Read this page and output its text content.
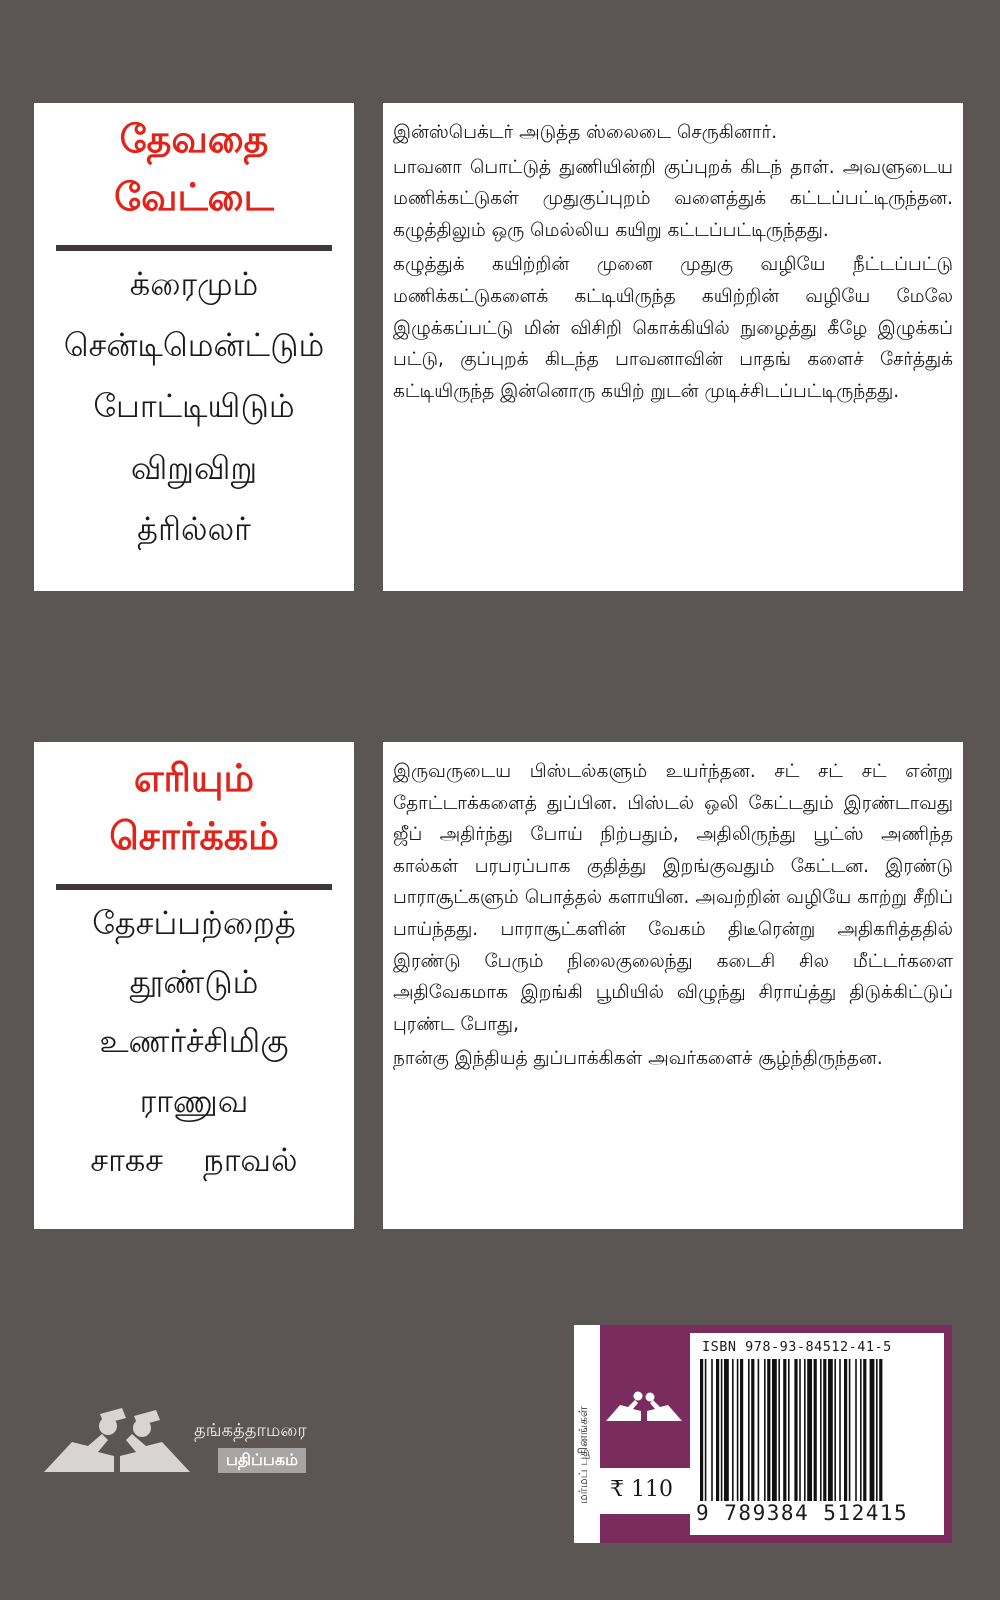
தேவதை
வேட்டை
க்ரைமும்
சென்டிமென்ட்டும்
போட்டியிடும்
விறுவிறு
த்ரில்லர்

இன்ஸ்பெக்டர் அடுத்த ஸ்லைடை செருகினார்.

பாவனா பொட்டுத் துணியின்றி குப்புறக் கிடந் தாள். அவளுடைய மணிக்கட்டுகள் முதுகுப்புறம் வளைத்துக் கட்டப்பட்டிருந்தன. கழுத்திலும் ஒரு மெல்லிய கயிறு கட்டப்பட்டிருந்தது.

கழுத்துக் கயிற்றின் முனை முதுகு வழியே நீட்டப்பட்டு மணிக்கட்டுகளைக் கட்டியிருந்த கயிற்றின் வழியே மேலே இழுக்கப்பட்டு மின் விசிறி கொக்கியில் நுழைத்து கீழே இழுக்கப் பட்டு, குப்புறக் கிடந்த பாவனாவின் பாதங் களைச் சேர்த்துக் கட்டியிருந்த இன்னொரு கயிற் றுடன் முடிச்சிடப்பட்டிருந்தது.

எரியும்
சொர்க்கம்
தேசப்பற்றைத்
தூண்டும்
உணர்ச்சிமிகு
ராணுவ
சாகச நாவல்

இருவருடைய பிஸ்டல்களும் உயர்ந்தன. சட் சட் சட் என்று தோட்டாக்களைத் துப்பின. பிஸ்டல் ஒலி கேட்டதும் இரண்டாவது ஜீப் அதிர்ந்து போய் நிற்பதும், அதிலிருந்து பூட்ஸ் அணிந்த கால்கள் பரபரப்பாக குதித்து இறங்குவதும் கேட்டன. இரண்டு பாராசூட்களும் பொத்தல் களாயின. அவற்றின் வழியே காற்று சீறிப் பாய்ந்தது. பாராசூட்களின் வேகம் திடீரென்று அதிகரித்ததில் இரண்டு பேரும் நிலைகுலைந்து கடைசி சில மீட்டர்களை அதிவேகமாக இறங்கி பூமியில் விழுந்து சிராய்த்து திடுக்கிட்டுப் புரண்ட போது,

நான்கு இந்தியத் துப்பாக்கிகள் அவர்களைச் சூழ்ந்திருந்தன.

தங்கத்தாமரை
பதிப்பகம்	மர்மப் புதினங்கள் ₹ 110
ISBN 978-93-84512-41-5
9 789384 512415
